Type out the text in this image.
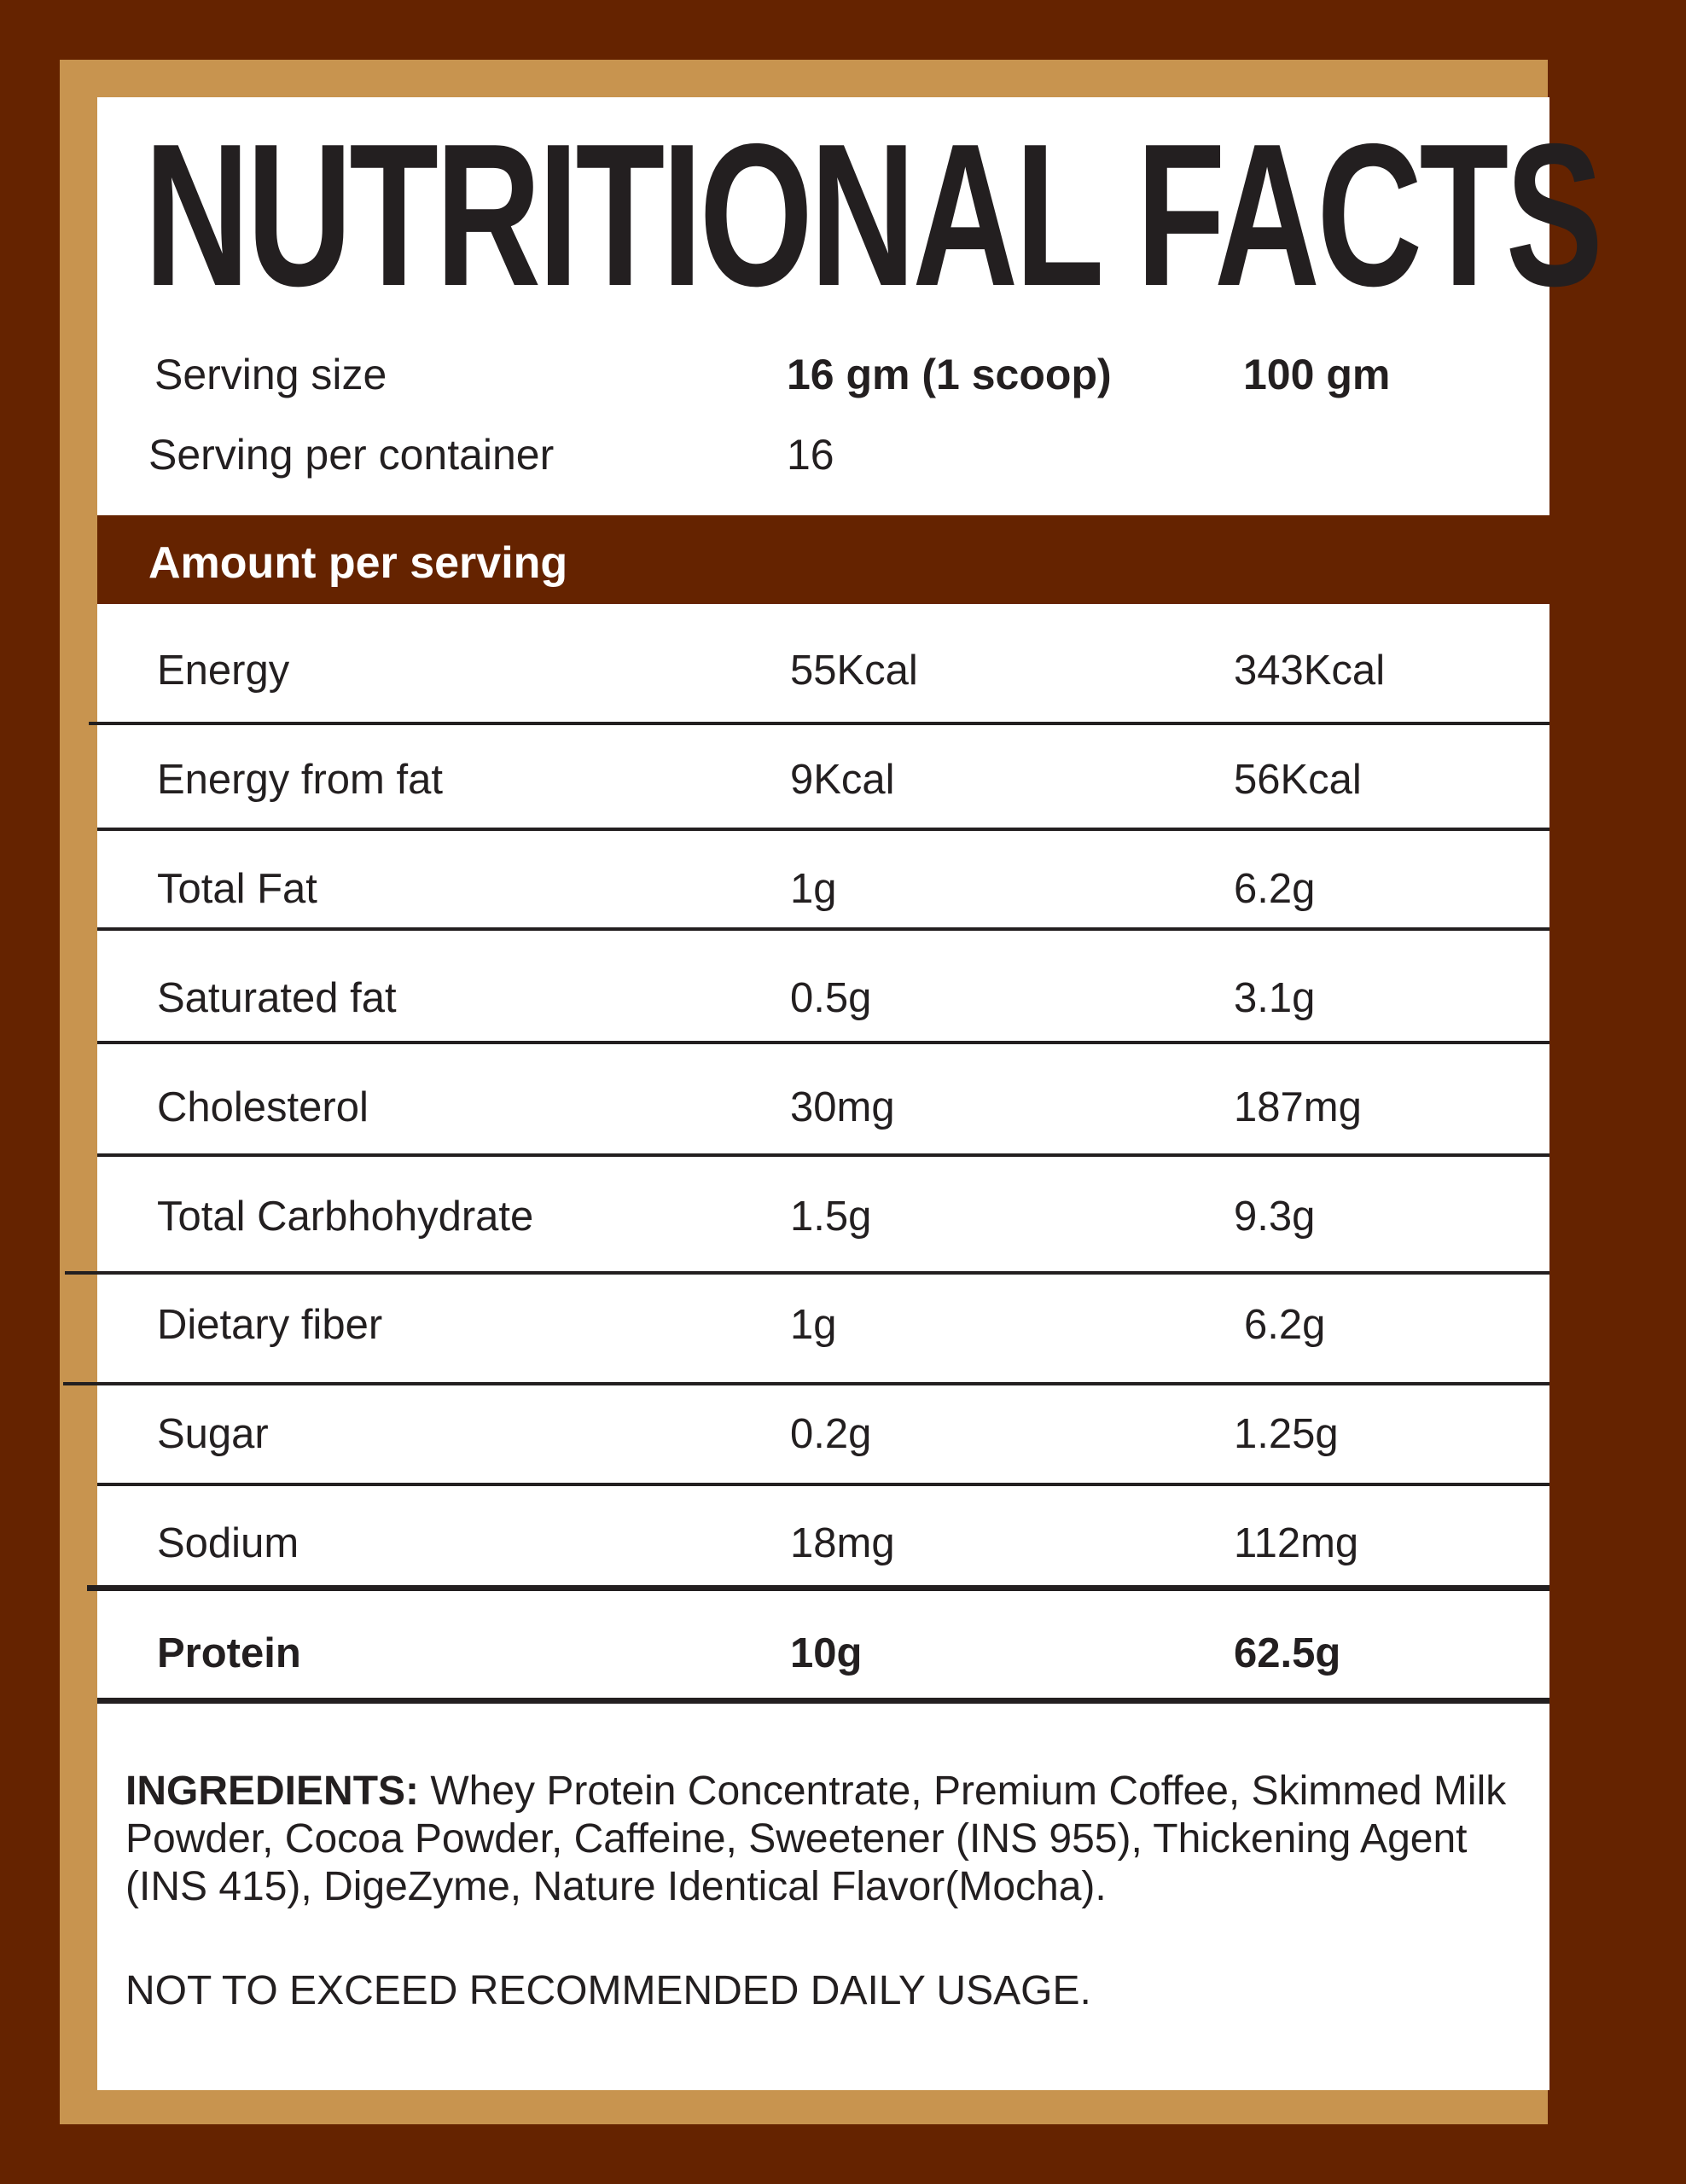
NUTRITIONAL FACTS
Serving size	16 gm (1 scoop)	100 gm
Serving per container	16
Amount per serving
Energy	55Kcal	343Kcal
Energy from fat	9Kcal	56Kcal
Total Fat	1g	6.2g
Saturated fat	0.5g	3.1g
Cholesterol	30mg	187mg
Total Carbhohydrate	1.5g	9.3g
Dietary fiber	1g	6.2g
Sugar	0.2g	1.25g
Sodium	18mg	112mg
Protein	10g	62.5g
INGREDIENTS: Whey Protein Concentrate, Premium Coffee, Skimmed Milk Powder, Cocoa Powder, Caffeine, Sweetener (INS 955), Thickening Agent (INS 415), DigeZyme, Nature Identical Flavor(Mocha).
NOT TO EXCEED RECOMMENDED DAILY USAGE.
